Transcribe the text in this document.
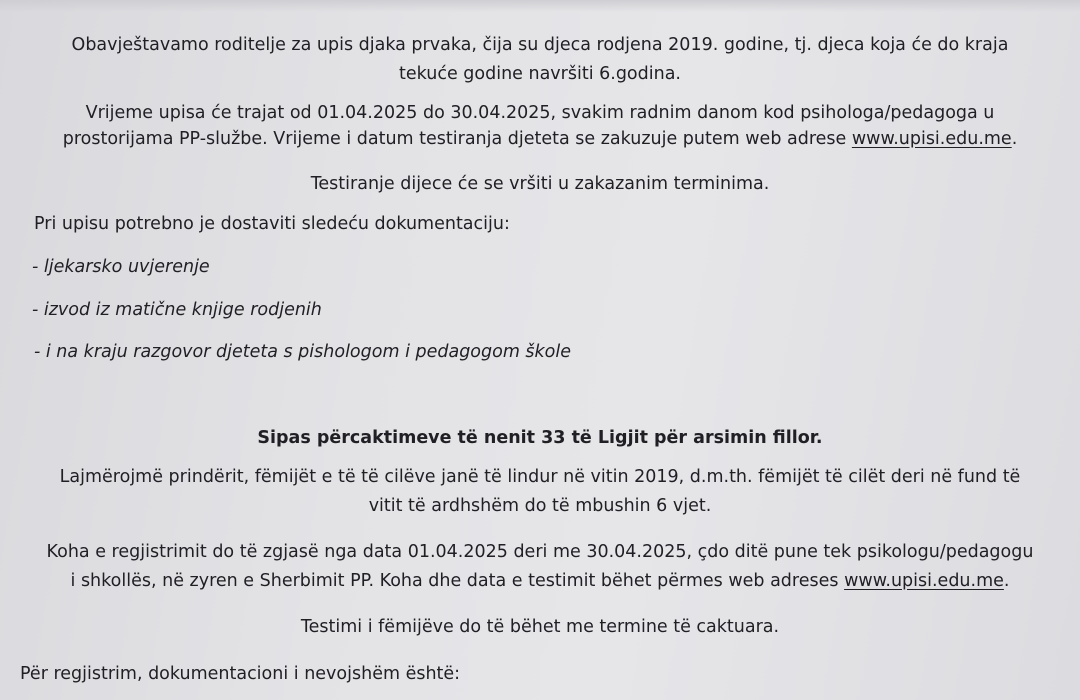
Obavještavamo roditelje za upis djaka prvaka, čija su djeca rodjena 2019. godine, tj. djeca koja će do kraja
tekuće godine navršiti 6.godina.
Vrijeme upisa će trajat od 01.04.2025 do 30.04.2025, svakim radnim danom kod psihologa/pedagoga u
prostorijama PP-službe. Vrijeme i datum testiranja djeteta se zakuzuje putem web adrese www.upisi.edu.me.
Testiranje dijece će se vršiti u zakazanim terminima.
Pri upisu potrebno je dostaviti sledeću dokumentaciju:
- ljekarsko uvjerenje
- izvod iz matične knjige rodjenih
- i na kraju razgovor djeteta s pishologom i pedagogom škole
Sipas përcaktimeve të nenit 33 të Ligjit për arsimin fillor.
Lajmërojmë prindërit, fëmijët e të të cilëve janë të lindur në vitin 2019, d.m.th. fëmijët të cilët deri në fund të
vitit të ardhshëm do të mbushin 6 vjet.
Koha e regjistrimit do të zgjasë nga data 01.04.2025 deri me 30.04.2025, çdo ditë pune tek psikologu/pedagogu
i shkollës, në zyren e Sherbimit PP. Koha dhe data e testimit bëhet përmes web adreses www.upisi.edu.me.
Testimi i fëmijëve do të bëhet me termine të caktuara.
Për regjistrim, dokumentacioni i nevojshëm është:
